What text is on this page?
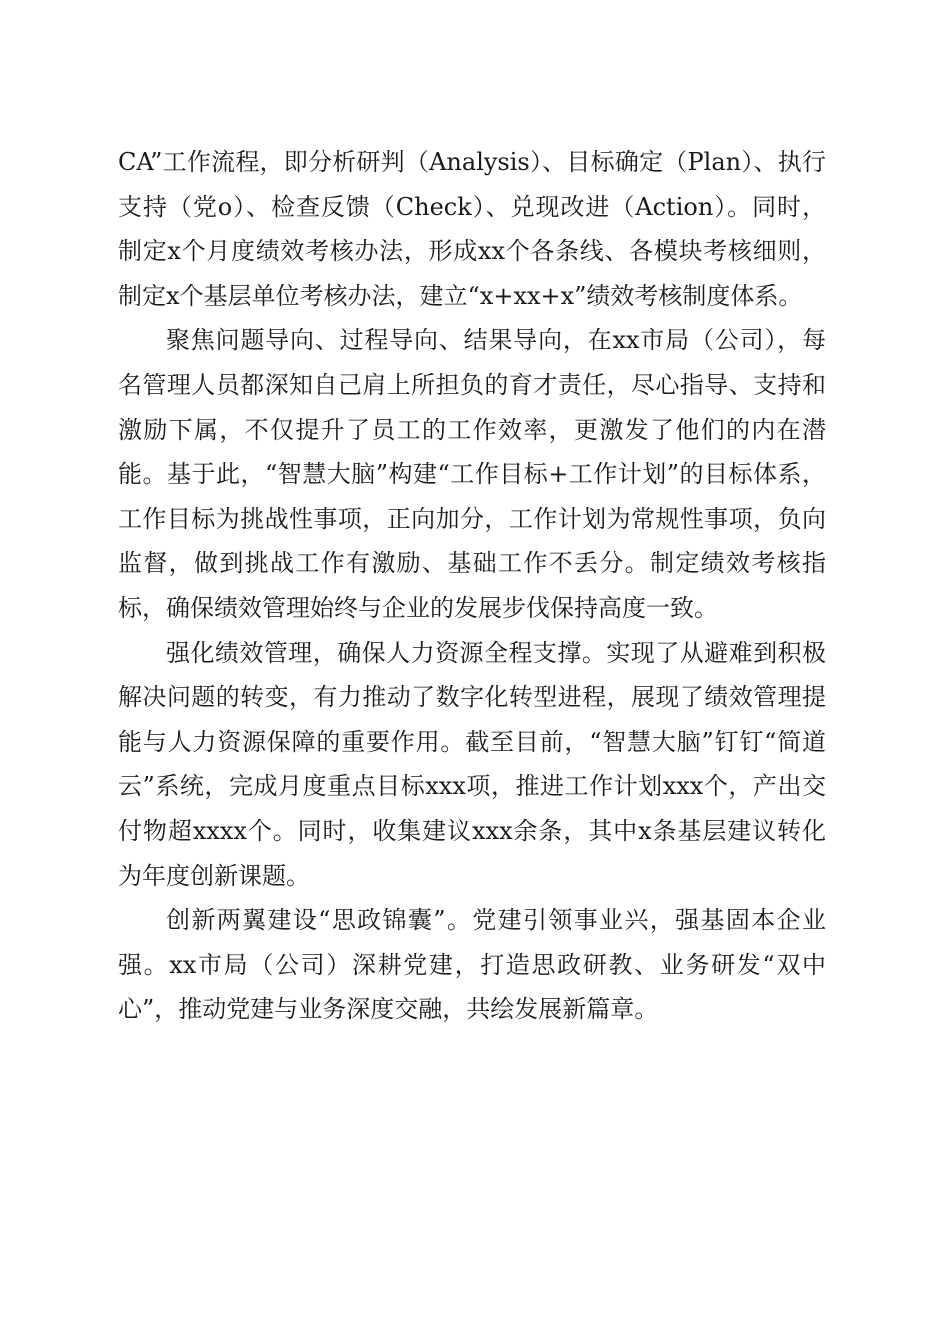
CA”工作流程，即分析研判（Analysis）、目标确定（Plan）、执行支持（党o）、检查反馈（Check）、兑现改进（Action）。同时，制定x个月度绩效考核办法，形成xx个各条线、各模块考核细则，制定x个基层单位考核办法，建立“x+xx+x”绩效考核制度体系。

聚焦问题导向、过程导向、结果导向，在xx市局（公司），每名管理人员都深知自己肩上所担负的育才责任，尽心指导、支持和激励下属，不仅提升了员工的工作效率，更激发了他们的内在潜能。基于此，“智慧大脑”构建“工作目标+工作计划”的目标体系，工作目标为挑战性事项，正向加分，工作计划为常规性事项，负向监督，做到挑战工作有激励、基础工作不丢分。制定绩效考核指标，确保绩效管理始终与企业的发展步伐保持高度一致。

强化绩效管理，确保人力资源全程支撑。实现了从避难到积极解决问题的转变，有力推动了数字化转型进程，展现了绩效管理提能与人力资源保障的重要作用。截至目前，“智慧大脑”钉钉“简道云”系统，完成月度重点目标xxx项，推进工作计划xxx个，产出交付物超xxxx个。同时，收集建议xxx余条，其中x条基层建议转化为年度创新课题。

创新两翼建设“思政锦囊”。党建引领事业兴，强基固本企业强。xx市局（公司）深耕党建，打造思政研教、业务研发“双中心”，推动党建与业务深度交融，共绘发展新篇章。
